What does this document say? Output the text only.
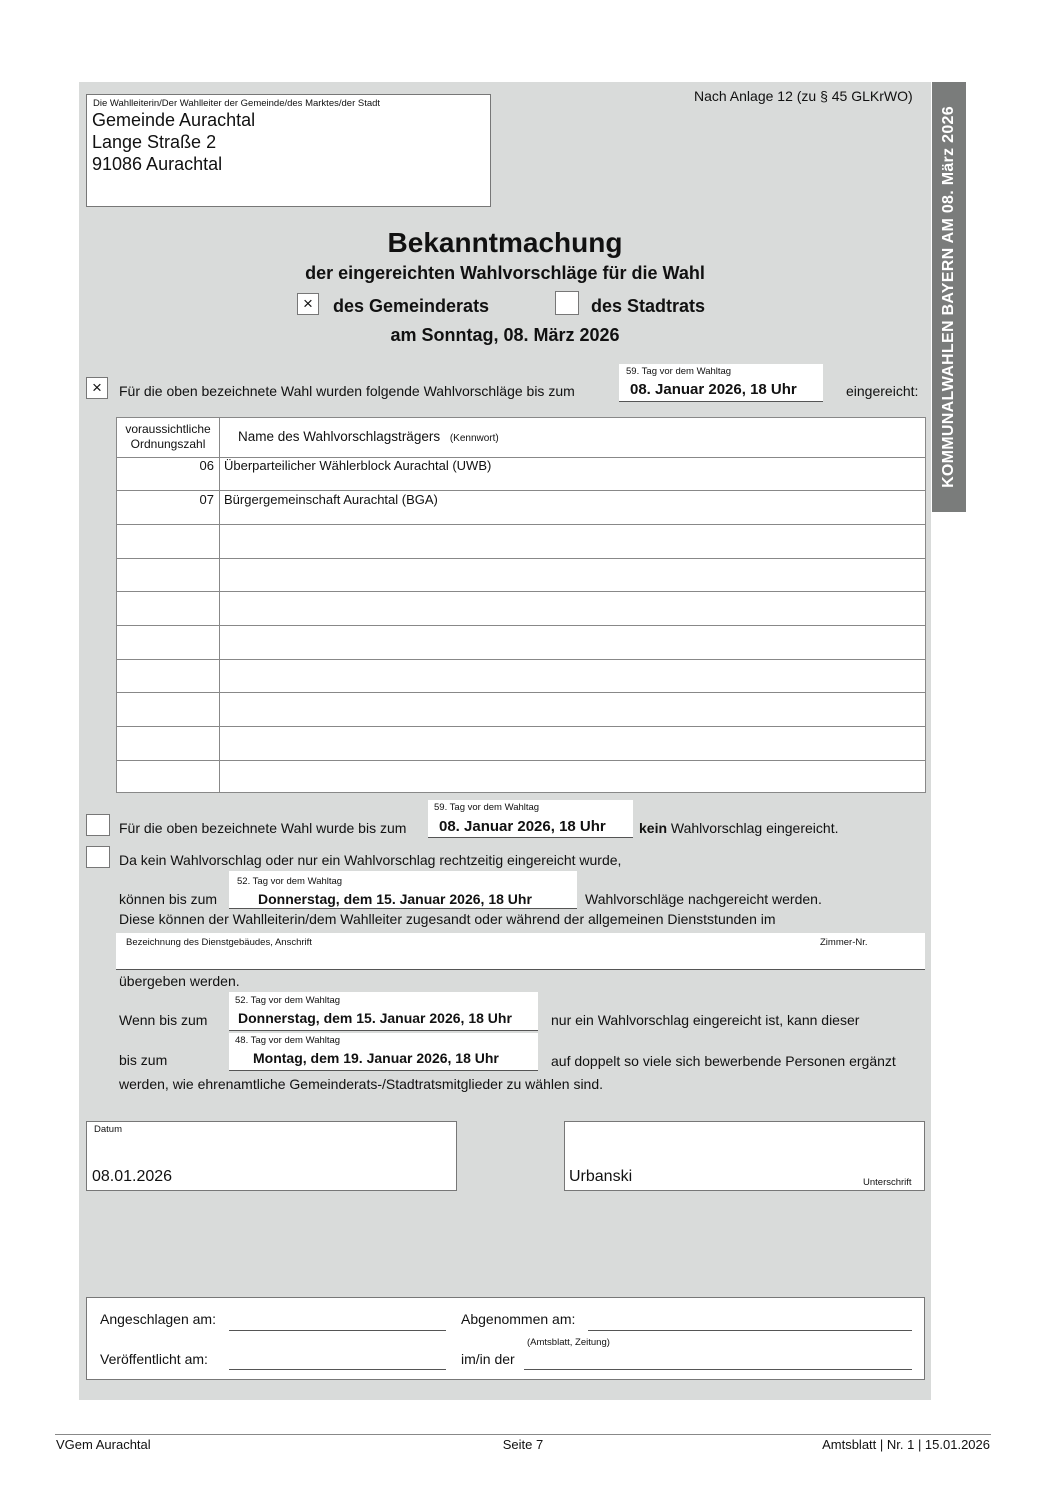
KOMMUNALWAHLEN BAYERN AM 08. März 2026
Die Wahlleiterin/Der Wahlleiter der Gemeinde/des Marktes/der Stadt
Gemeinde Aurachtal
Lange Straße 2
91086 Aurachtal
Nach Anlage 12 (zu § 45 GLKrWO)
Bekanntmachung
der eingereichten Wahlvorschläge für die Wahl
×	des Gemeinderats	des Stadtrats
am Sonntag, 08. März 2026
×	Für die oben bezeichnete Wahl wurden folgende Wahlvorschläge bis zum
59. Tag vor dem Wahltag
08. Januar 2026, 18 Uhr	eingereicht:
voraussichtliche
Ordnungszahl	Name des Wahlvorschlagsträgers (Kennwort)
06 Überparteilicher Wählerblock Aurachtal (UWB)
07 Bürgergemeinschaft Aurachtal (BGA)
Für die oben bezeichnete Wahl wurde bis zum
59. Tag vor dem Wahltag
08. Januar 2026, 18 Uhr kein Wahlvorschlag eingereicht.
Da kein Wahlvorschlag oder nur ein Wahlvorschlag rechtzeitig eingereicht wurde,
können bis zum
52. Tag vor dem Wahltag
Donnerstag, dem 15. Januar 2026, 18 Uhr	Wahlvorschläge nachgereicht werden.
Diese können der Wahlleiterin/dem Wahlleiter zugesandt oder während der allgemeinen Dienststunden im
Bezeichnung des Dienstgebäudes, Anschrift	Zimmer-Nr.
übergeben werden.
Wenn bis zum
52. Tag vor dem Wahltag
Donnerstag, dem 15. Januar 2026, 18 Uhr	nur ein Wahlvorschlag eingereicht ist, kann dieser
bis zum
48. Tag vor dem Wahltag
Montag, dem 19. Januar 2026, 18 Uhr	auf doppelt so viele sich bewerbende Personen ergänzt
werden, wie ehrenamtliche Gemeinderats-/Stadtratsmitglieder zu wählen sind.
Datum
08.01.2026	Urbanski	Unterschrift
Angeschlagen am:	Abgenommen am:
Veröffentlicht am:	im/in der
(Amtsblatt, Zeitung)
VGem Aurachtal	Seite 7	Amtsblatt | Nr. 1 | 15.01.2026
